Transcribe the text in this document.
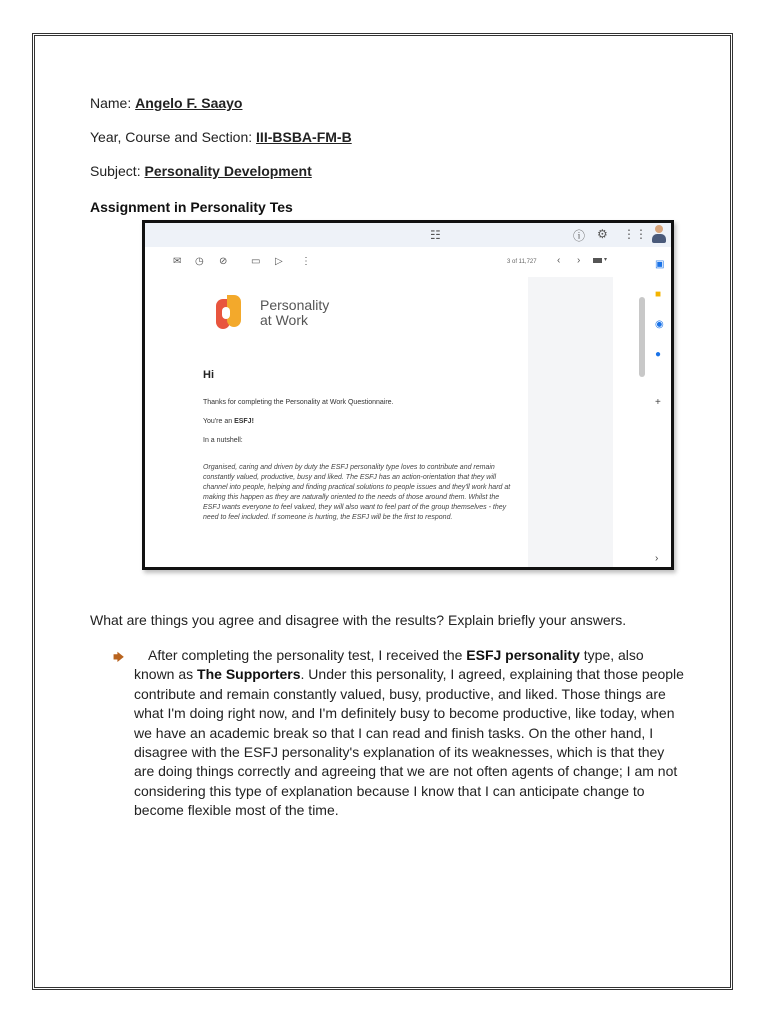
Name: Angelo F. Saayo
Year, Course and Section: III-BSBA-FM-B
Subject: Personality Development
Assignment in Personality Tes
☷	ⓘ ⚙ ⋮⋮
✉ ◷ ⊘ ▭ ▷ ⋮	3 of 11,727 ‹ ›	▾	▣
■
◉
●
+
›
Personality
at Work
Hi
Thanks for completing the Personality at Work Questionnaire.
You're an ESFJ!
In a nutshell:
Organised, caring and driven by duty the ESFJ personality type loves to contribute and remain constantly valued, productive, busy and liked. The ESFJ has an action-orientation that they will channel into people, helping and finding practical solutions to people issues and they'll work hard at making this happen as they are naturally oriented to the needs of those around them. Whilst the ESFJ wants everyone to feel valued, they will also want to feel part of the group themselves - they need to feel included. If someone is hurting, the ESFJ will be the first to respond.
What are things you agree and disagree with the results? Explain briefly your answers.
🡆	After completing the personality test, I received the ESFJ personality type, also known as The Supporters. Under this personality, I agreed, explaining that those people contribute and remain constantly valued, busy, productive, and liked. Those things are what I'm doing right now, and I'm definitely busy to become productive, like today, when we have an academic break so that I can read and finish tasks. On the other hand, I disagree with the ESFJ personality's explanation of its weaknesses, which is that they are doing things correctly and agreeing that we are not often agents of change; I am not considering this type of explanation because I know that I can anticipate change to become flexible most of the time.
